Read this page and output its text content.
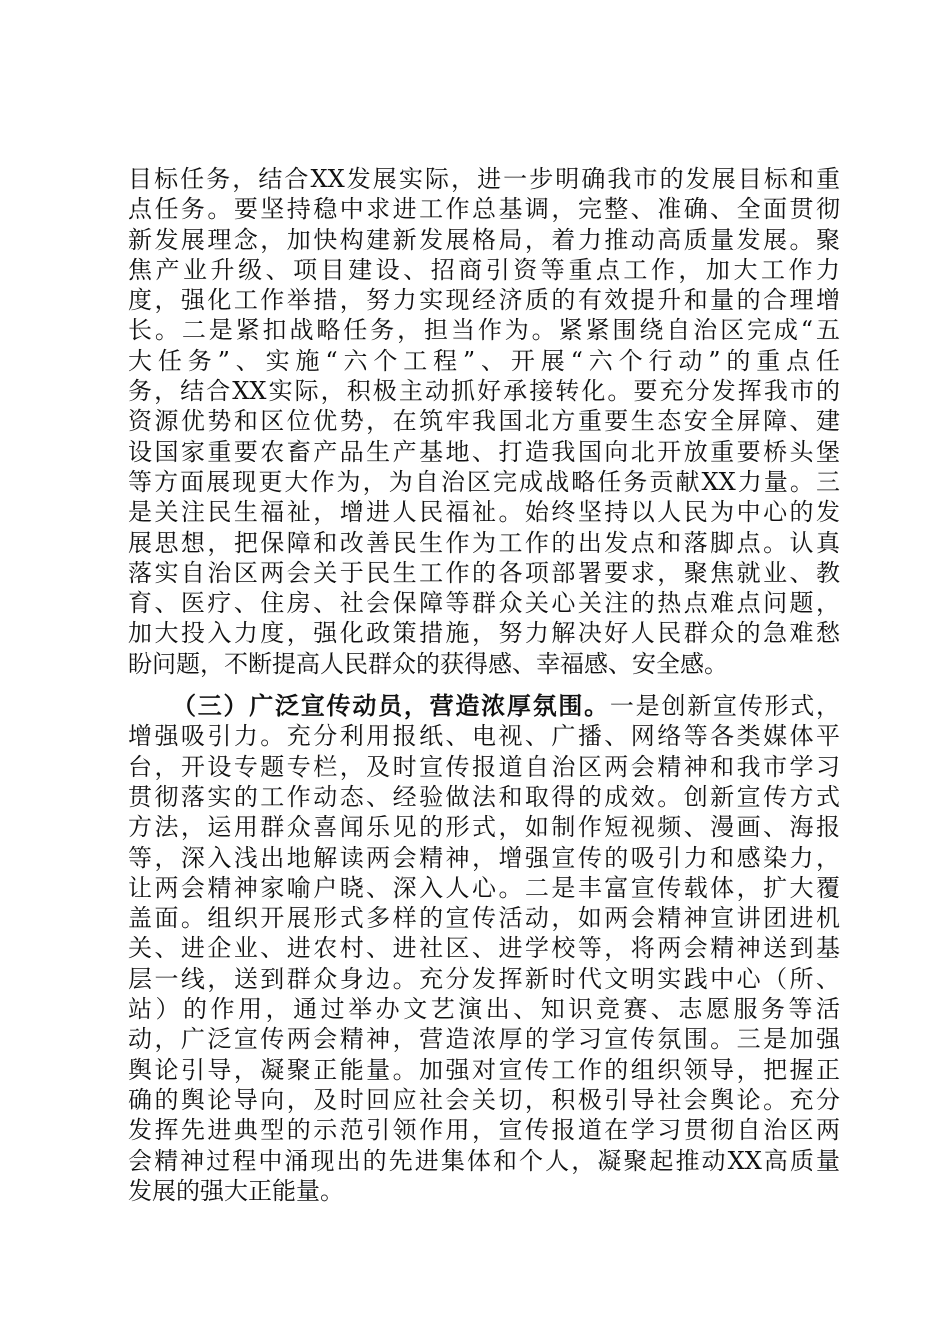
目标任务，结合XX发展实际，进一步明确我市的发展目标和重
点任务。要坚持稳中求进工作总基调，完整、准确、全面贯彻
新发展理念，加快构建新发展格局，着力推动高质量发展。聚
焦产业升级、项目建设、招商引资等重点工作，加大工作力
度，强化工作举措，努力实现经济质的有效提升和量的合理增
长。二是紧扣战略任务，担当作为。紧紧围绕自治区完成“五
大任务”、实施“六个工程”、开展“六个行动”的重点任
务，结合XX实际，积极主动抓好承接转化。要充分发挥我市的
资源优势和区位优势，在筑牢我国北方重要生态安全屏障、建
设国家重要农畜产品生产基地、打造我国向北开放重要桥头堡
等方面展现更大作为，为自治区完成战略任务贡献XX力量。三
是关注民生福祉，增进人民福祉。始终坚持以人民为中心的发
展思想，把保障和改善民生作为工作的出发点和落脚点。认真
落实自治区两会关于民生工作的各项部署要求，聚焦就业、教
育、医疗、住房、社会保障等群众关心关注的热点难点问题，
加大投入力度，强化政策措施，努力解决好人民群众的急难愁
盼问题，不断提高人民群众的获得感、幸福感、安全感。
（三）广泛宣传动员，营造浓厚氛围。一是创新宣传形式，
增强吸引力。充分利用报纸、电视、广播、网络等各类媒体平
台，开设专题专栏，及时宣传报道自治区两会精神和我市学习
贯彻落实的工作动态、经验做法和取得的成效。创新宣传方式
方法，运用群众喜闻乐见的形式，如制作短视频、漫画、海报
等，深入浅出地解读两会精神，增强宣传的吸引力和感染力，
让两会精神家喻户晓、深入人心。二是丰富宣传载体，扩大覆
盖面。组织开展形式多样的宣传活动，如两会精神宣讲团进机
关、进企业、进农村、进社区、进学校等，将两会精神送到基
层一线，送到群众身边。充分发挥新时代文明实践中心（所、
站）的作用，通过举办文艺演出、知识竞赛、志愿服务等活
动，广泛宣传两会精神，营造浓厚的学习宣传氛围。三是加强
舆论引导，凝聚正能量。加强对宣传工作的组织领导，把握正
确的舆论导向，及时回应社会关切，积极引导社会舆论。充分
发挥先进典型的示范引领作用，宣传报道在学习贯彻自治区两
会精神过程中涌现出的先进集体和个人，凝聚起推动XX高质量
发展的强大正能量。
